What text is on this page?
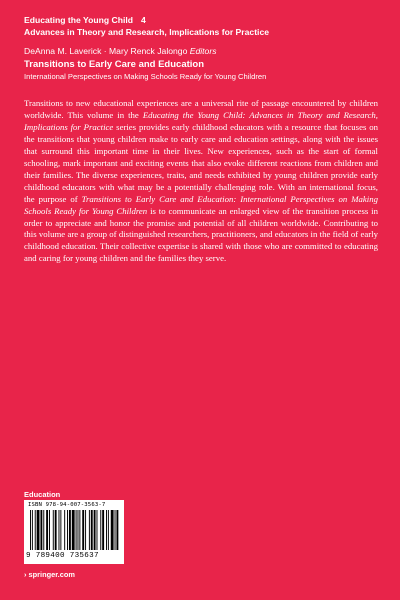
Educating the Young Child 4
Advances in Theory and Research, Implications for Practice
DeAnna M. Laverick · Mary Renck Jalongo Editors
Transitions to Early Care and Education
International Perspectives on Making Schools Ready for Young Children
Transitions to new educational experiences are a universal rite of passage encountered by children worldwide. This volume in the Educating the Young Child: Advances in Theory and Research, Implications for Practice series provides early childhood educators with a resource that focuses on the transitions that young children make to early care and education settings, along with the issues that surround this important time in their lives. New experiences, such as the start of formal schooling, mark important and exciting events that also evoke different reactions from children and their families. The diverse experiences, traits, and needs exhibited by young children provide early childhood educators with what may be a potentially challenging role. With an international focus, the purpose of Transitions to Early Care and Education: International Perspectives on Making Schools Ready for Young Children is to communicate an enlarged view of the transition process in order to appreciate and honor the promise and potential of all children worldwide. Contributing to this volume are a group of distinguished researchers, practitioners, and educators in the field of early childhood education. Their collective expertise is shared with those who are committed to educating and caring for young children and the families they serve.
Education
ISBN 978-94-007-3563-7
9 789400 735637
› springer.com
